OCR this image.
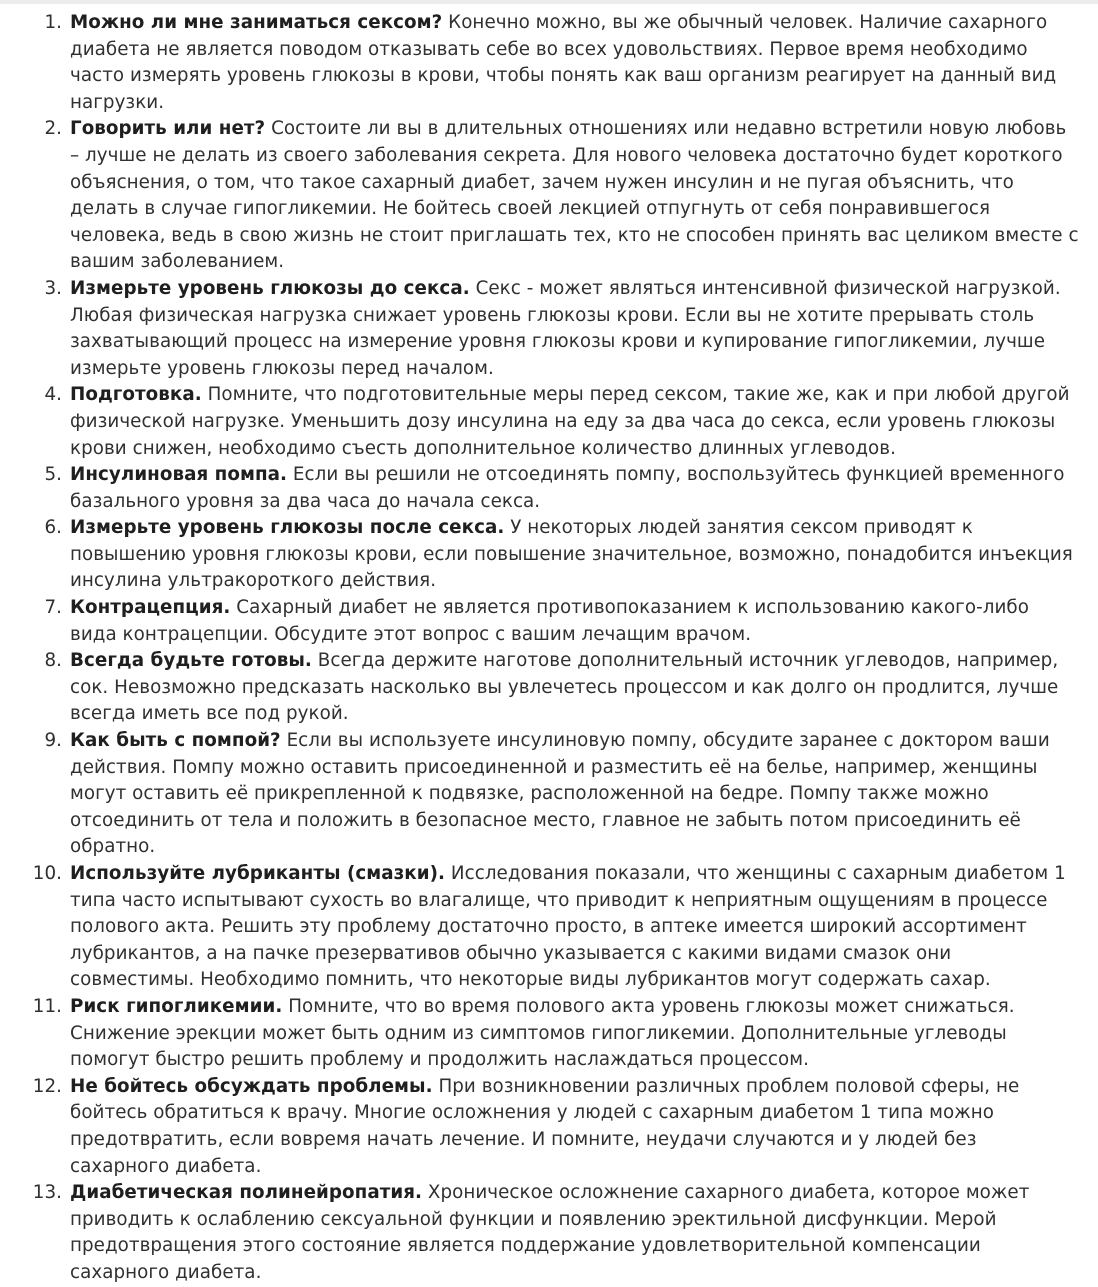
1. Можно ли мне заниматься сексом? Конечно можно, вы же обычный человек. Наличие сахарного диабета не является поводом отказывать себе во всех удовольствиях. Первое время необходимо часто измерять уровень глюкозы в крови, чтобы понять как ваш организм реагирует на данный вид нагрузки.
2. Говорить или нет? Состоите ли вы в длительных отношениях или недавно встретили новую любовь – лучше не делать из своего заболевания секрета. Для нового человека достаточно будет короткого объяснения, о том, что такое сахарный диабет, зачем нужен инсулин и не пугая объяснить, что делать в случае гипогликемии. Не бойтесь своей лекцией отпугнуть от себя понравившегося человека, ведь в свою жизнь не стоит приглашать тех, кто не способен принять вас целиком вместе с вашим заболеванием.
3. Измерьте уровень глюкозы до секса. Секс - может являться интенсивной физической нагрузкой. Любая физическая нагрузка снижает уровень глюкозы крови. Если вы не хотите прерывать столь захватывающий процесс на измерение уровня глюкозы крови и купирование гипогликемии, лучше измерьте уровень глюкозы перед началом.
4. Подготовка. Помните, что подготовительные меры перед сексом, такие же, как и при любой другой физической нагрузке. Уменьшить дозу инсулина на еду за два часа до секса, если уровень глюкозы крови снижен, необходимо съесть дополнительное количество длинных углеводов.
5. Инсулиновая помпа. Если вы решили не отсоединять помпу, воспользуйтесь функцией временного базального уровня за два часа до начала секса.
6. Измерьте уровень глюкозы после секса. У некоторых людей занятия сексом приводят к повышению уровня глюкозы крови, если повышение значительное, возможно, понадобится инъекция инсулина ультракороткого действия.
7. Контрацепция. Сахарный диабет не является противопоказанием к использованию какого-либо вида контрацепции. Обсудите этот вопрос с вашим лечащим врачом.
8. Всегда будьте готовы. Всегда держите наготове дополнительный источник углеводов, например, сок. Невозможно предсказать насколько вы увлечетесь процессом и как долго он продлится, лучше всегда иметь все под рукой.
9. Как быть с помпой? Если вы используете инсулиновую помпу, обсудите заранее с доктором ваши действия. Помпу можно оставить присоединенной и разместить её на белье, например, женщины могут оставить её прикрепленной к подвязке, расположенной на бедре. Помпу также можно отсоединить от тела и положить в безопасное место, главное не забыть потом присоединить её обратно.
10. Используйте лубриканты (смазки). Исследования показали, что женщины с сахарным диабетом 1 типа часто испытывают сухость во влагалище, что приводит к неприятным ощущениям в процессе полового акта. Решить эту проблему достаточно просто, в аптеке имеется широкий ассортимент лубрикантов, а на пачке презервативов обычно указывается с какими видами смазок они совместимы. Необходимо помнить, что некоторые виды лубрикантов могут содержать сахар.
11. Риск гипогликемии. Помните, что во время полового акта уровень глюкозы может снижаться. Снижение эрекции может быть одним из симптомов гипогликемии. Дополнительные углеводы помогут быстро решить проблему и продолжить наслаждаться процессом.
12. Не бойтесь обсуждать проблемы. При возникновении различных проблем половой сферы, не бойтесь обратиться к врачу. Многие осложнения у людей с сахарным диабетом 1 типа можно предотвратить, если вовремя начать лечение. И помните, неудачи случаются и у людей без сахарного диабета.
13. Диабетическая полинейропатия. Хроническое осложнение сахарного диабета, которое может приводить к ослаблению сексуальной функции и появлению эректильной дисфункции. Мерой предотвращения этого состояние является поддержание удовлетворительной компенсации сахарного диабета.
